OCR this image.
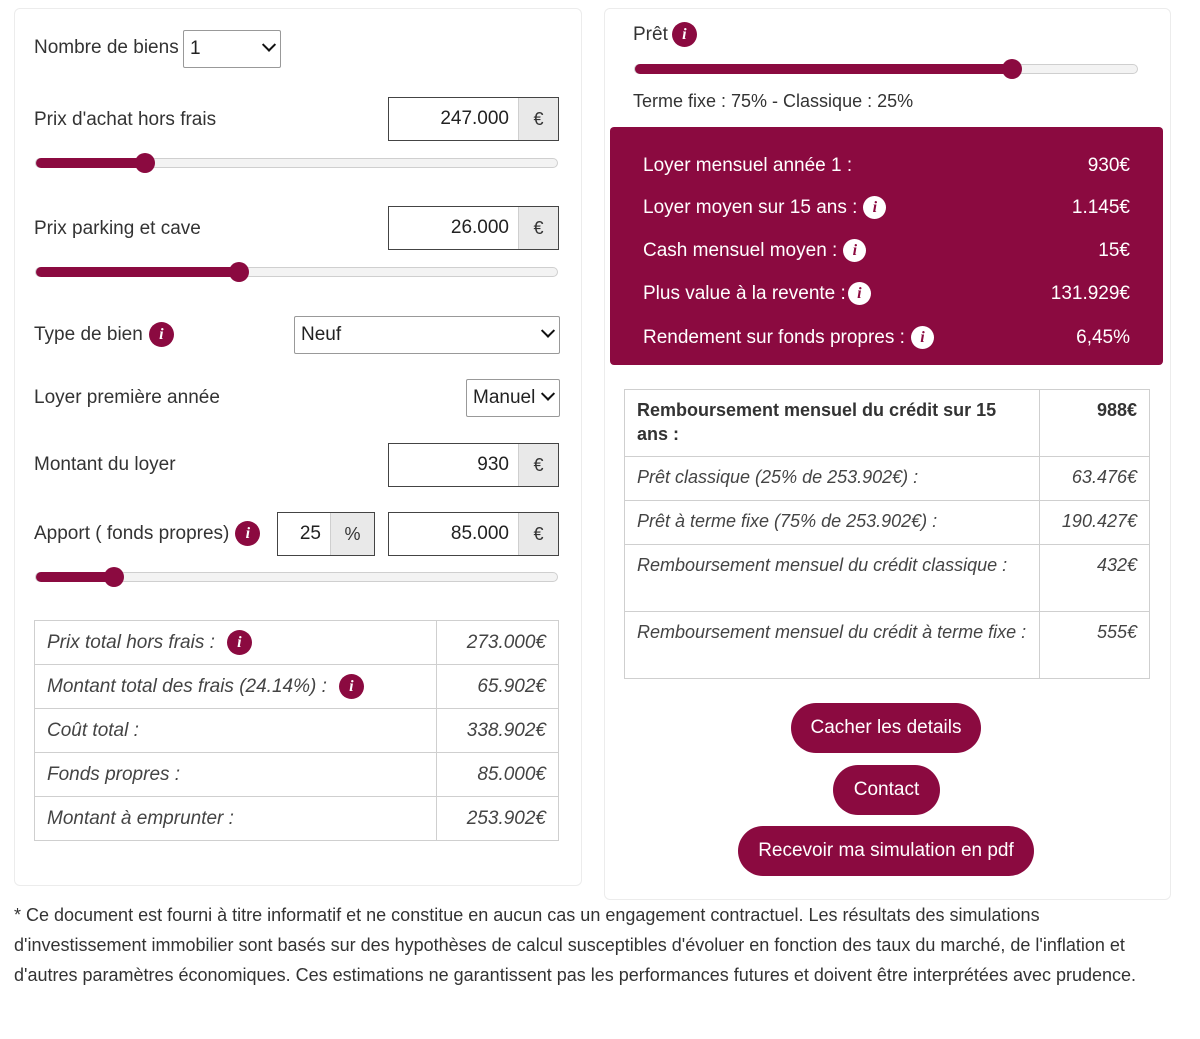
Nombre de biens 1
Prix d'achat hors frais	247.000	€
Prix parking et cave	26.000	€
Type de bien	i	Neuf
Loyer première année	Manuel
Montant du loyer	930	€
Apport ( fonds propres)	i	25	%	85.000	€
Prix total hors frais : i	273.000€

Montant total des frais (24.14%) : i	65.902€
Coût total :	338.902€
Fonds propres :	85.000€
Montant à emprunter :	253.902€
Prêt i
Terme fixe : 75% - Classique : 25%
Loyer mensuel année 1 :	930€
Loyer moyen sur 15 ans : i	1.145€
Cash mensuel moyen : i	15€
Plus value à la revente : i	131.929€
Rendement sur fonds propres : i	6,45%
Remboursement mensuel du crédit sur 15 ans :	988€
Prêt classique (25% de 253.902€) :	63.476€
Prêt à terme fixe (75% de 253.902€) :	190.427€
Remboursement mensuel du crédit classique :	432€
Remboursement mensuel du crédit à terme fixe :	555€
Cacher les details
Contact
Recevoir ma simulation en pdf
* Ce document est fourni à titre informatif et ne constitue en aucun cas un engagement contractuel. Les résultats des simulations d'investissement immobilier sont basés sur des hypothèses de calcul susceptibles d'évoluer en fonction des taux du marché, de l'inflation et d'autres paramètres économiques. Ces estimations ne garantissent pas les performances futures et doivent être interprétées avec prudence.
